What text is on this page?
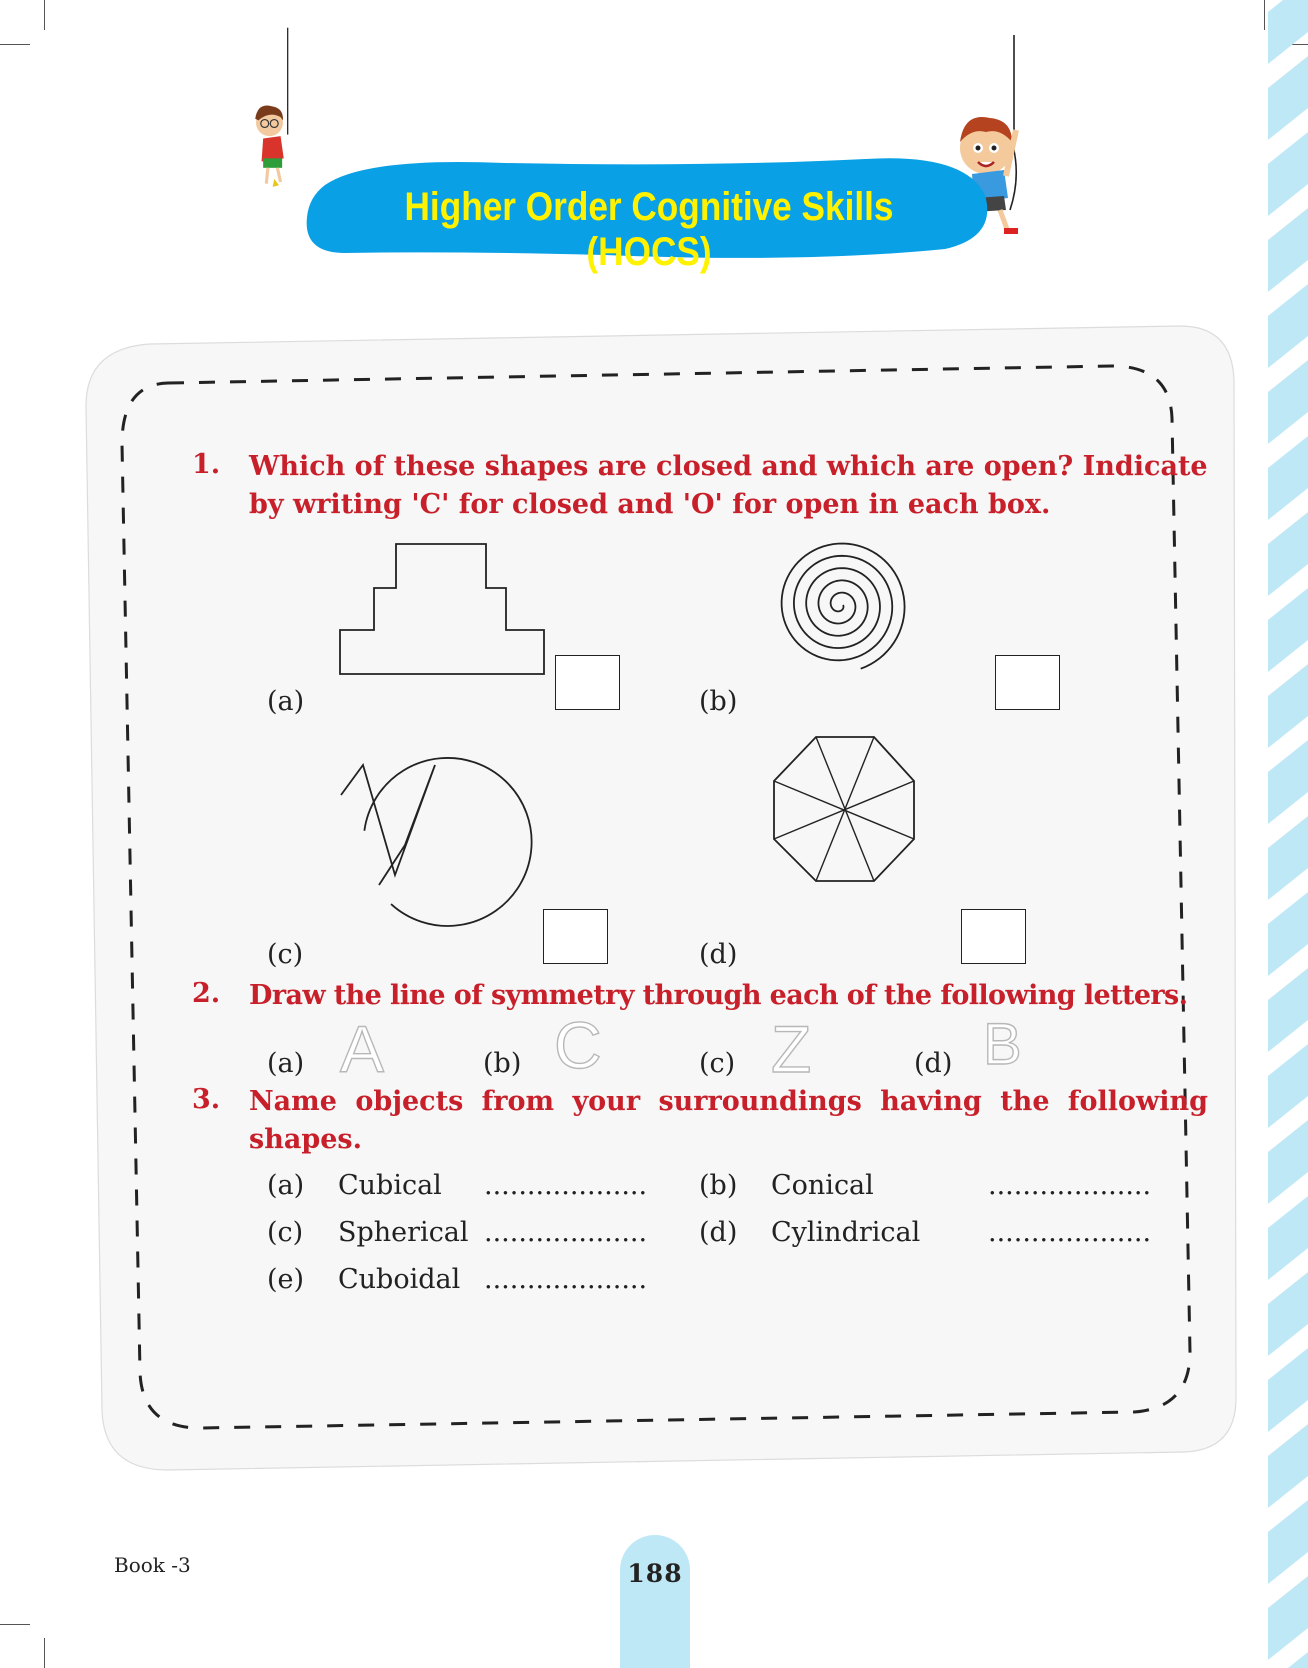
Higher Order Cognitive Skills (HOCS)
1. Which of these shapes are closed and which are open? Indicate
by writing 'C' for closed and 'O' for open in each box.
(a)	(b)
(c)	(d)
2. Draw the line of symmetry through each of the following letters.
(a) A	(b) C	(c) Z	(d) B
3. Name objects from your surroundings having the following
shapes.
(a) Cubical ................... (b) Conical	...................
(c) Spherical ................... (d) Cylindrical	...................
(e) Cuboidal ...................
Book -3	188
